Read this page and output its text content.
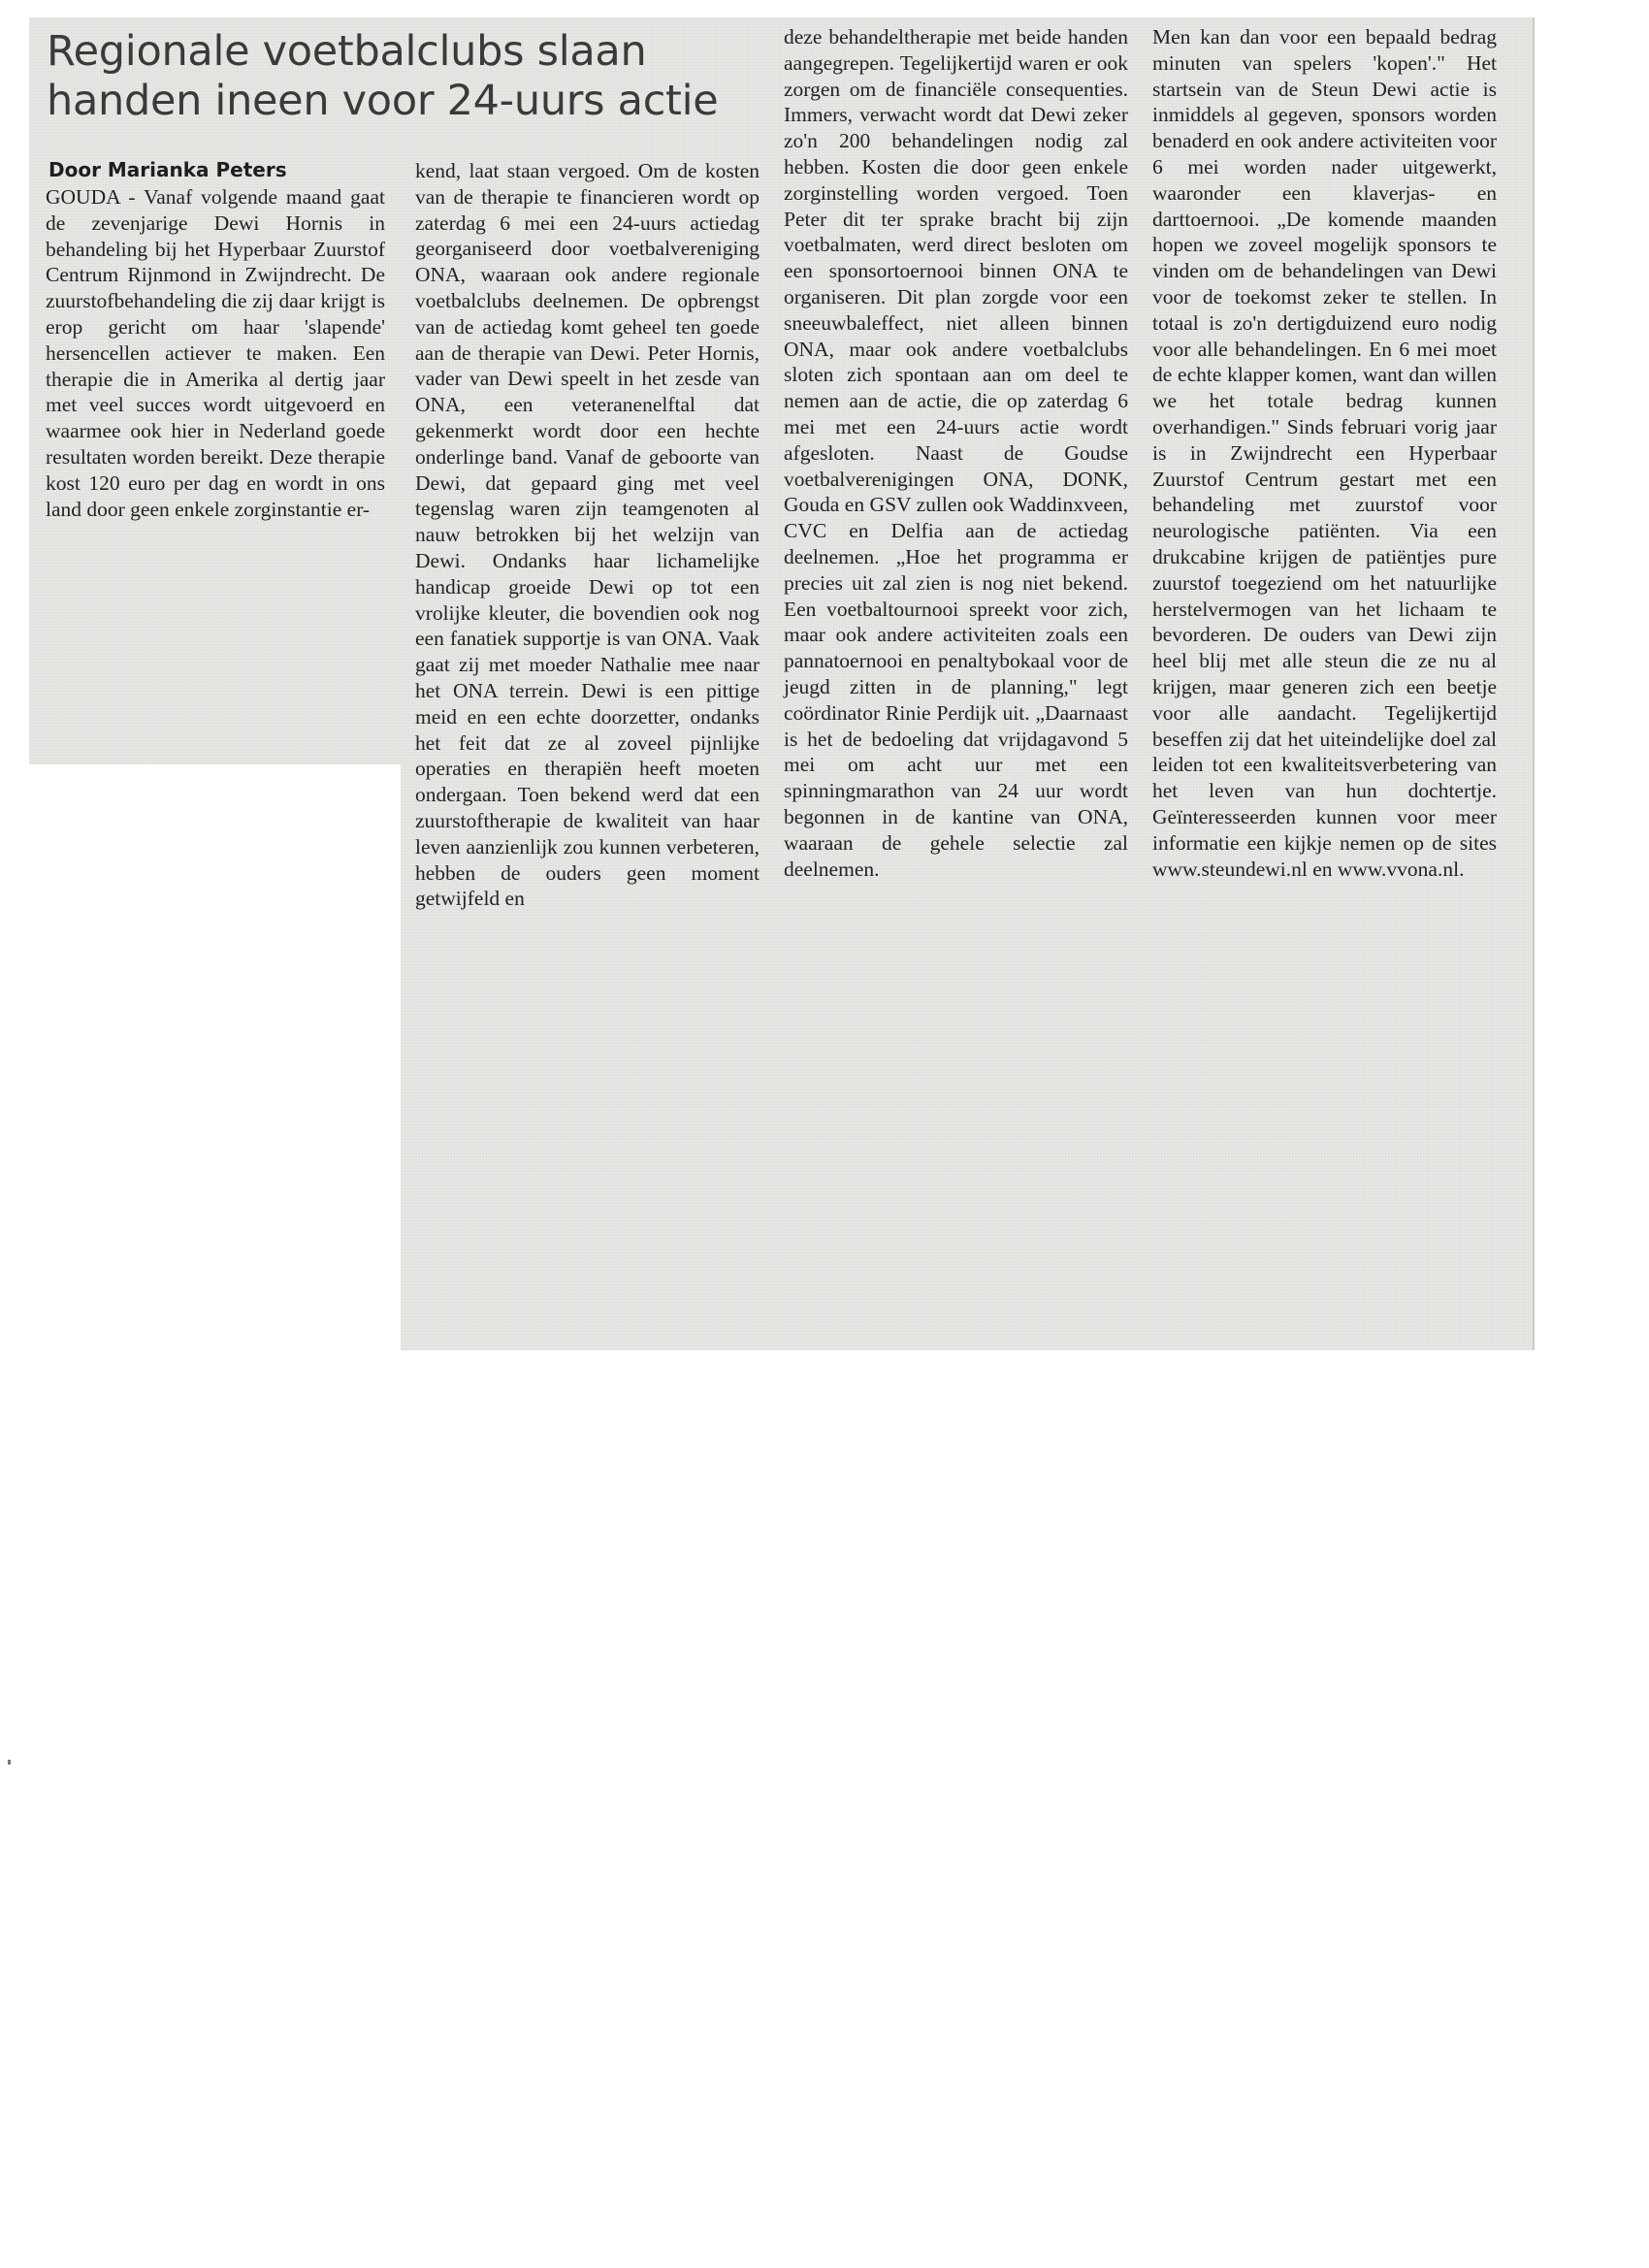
Regionale voetbalclubs slaan handen ineen voor 24-uurs actie
Door Marianka Peters

GOUDA - Vanaf volgende maand gaat de zevenjarige Dewi Hornis in behandeling bij het Hyperbaar Zuurstof Centrum Rijnmond in Zwijndrecht. De zuurstofbehandeling die zij daar krijgt is erop gericht om haar 'slapende' hersencellen actiever te maken. Een therapie die in Amerika al dertig jaar met veel succes wordt uitgevoerd en waarmee ook hier in Nederland goede resultaten worden bereikt. Deze therapie kost 120 euro per dag en wordt in ons land door geen enkele zorginstantie er-

kend, laat staan vergoed. Om de kosten van de therapie te financieren wordt op zaterdag 6 mei een 24-uurs actiedag georganiseerd door voetbalvereniging ONA, waaraan ook andere regionale voetbalclubs deelnemen. De opbrengst van de actiedag komt geheel ten goede aan de therapie van Dewi. Peter Hornis, vader van Dewi speelt in het zesde van ONA, een veteranenelftal dat gekenmerkt wordt door een hechte onderlinge band. Vanaf de geboorte van Dewi, dat gepaard ging met veel tegenslag waren zijn teamgenoten al nauw betrokken bij het welzijn van Dewi. Ondanks haar lichamelijke handicap groeide Dewi op tot een vrolijke kleuter, die bovendien ook nog een fanatiek supportje is van ONA. Vaak gaat zij met moeder Nathalie mee naar het ONA terrein. Dewi is een pittige meid en een echte doorzetter, ondanks het feit dat ze al zoveel pijnlijke operaties en therapiën heeft moeten ondergaan. Toen bekend werd dat een zuurstoftherapie de kwaliteit van haar leven aanzienlijk zou kunnen verbeteren, hebben de ouders geen moment getwijfeld en

deze behandeltherapie met beide handen aangegrepen. Tegelijkertijd waren er ook zorgen om de financiële consequenties. Immers, verwacht wordt dat Dewi zeker zo'n 200 behandelingen nodig zal hebben. Kosten die door geen enkele zorginstelling worden vergoed. Toen Peter dit ter sprake bracht bij zijn voetbalmaten, werd direct besloten om een sponsortoernooi binnen ONA te organiseren. Dit plan zorgde voor een sneeuwbaleffect, niet alleen binnen ONA, maar ook andere voetbalclubs sloten zich spontaan aan om deel te nemen aan de actie, die op zaterdag 6 mei met een 24-uurs actie wordt afgesloten. Naast de Goudse voetbalverenigingen ONA, DONK, Gouda en GSV zullen ook Waddinxveen, CVC en Delfia aan de actiedag deelnemen. „Hoe het programma er precies uit zal zien is nog niet bekend. Een voetbaltournooi spreekt voor zich, maar ook andere activiteiten zoals een pannatoernooi en penaltybokaal voor de jeugd zitten in de planning," legt coördinator Rinie Perdijk uit. „Daarnaast is het de bedoeling dat vrijdagavond 5 mei om acht uur met een spinningmarathon van 24 uur wordt begonnen in de kantine van ONA, waaraan de gehele selectie zal deelnemen.

Men kan dan voor een bepaald bedrag minuten van spelers 'kopen'." Het startsein van de Steun Dewi actie is inmiddels al gegeven, sponsors worden benaderd en ook andere activiteiten voor 6 mei worden nader uitgewerkt, waaronder een klaverjas- en darttoernooi. „De komende maanden hopen we zoveel mogelijk sponsors te vinden om de behandelingen van Dewi voor de toekomst zeker te stellen. In totaal is zo'n dertigduizend euro nodig voor alle behandelingen. En 6 mei moet de echte klapper komen, want dan willen we het totale bedrag kunnen overhandigen." Sinds februari vorig jaar is in Zwijndrecht een Hyperbaar Zuurstof Centrum gestart met een behandeling met zuurstof voor neurologische patiënten. Via een drukcabine krijgen de patiëntjes pure zuurstof toegeziend om het natuurlijke herstelvermogen van het lichaam te bevorderen. De ouders van Dewi zijn heel blij met alle steun die ze nu al krijgen, maar generen zich een beetje voor alle aandacht. Tegelijkertijd beseffen zij dat het uiteindelijke doel zal leiden tot een kwaliteitsverbetering van het leven van hun dochtertje. Geïnteresseerden kunnen voor meer informatie een kijkje nemen op de sites www.steundewi.nl en www.vvona.nl.
